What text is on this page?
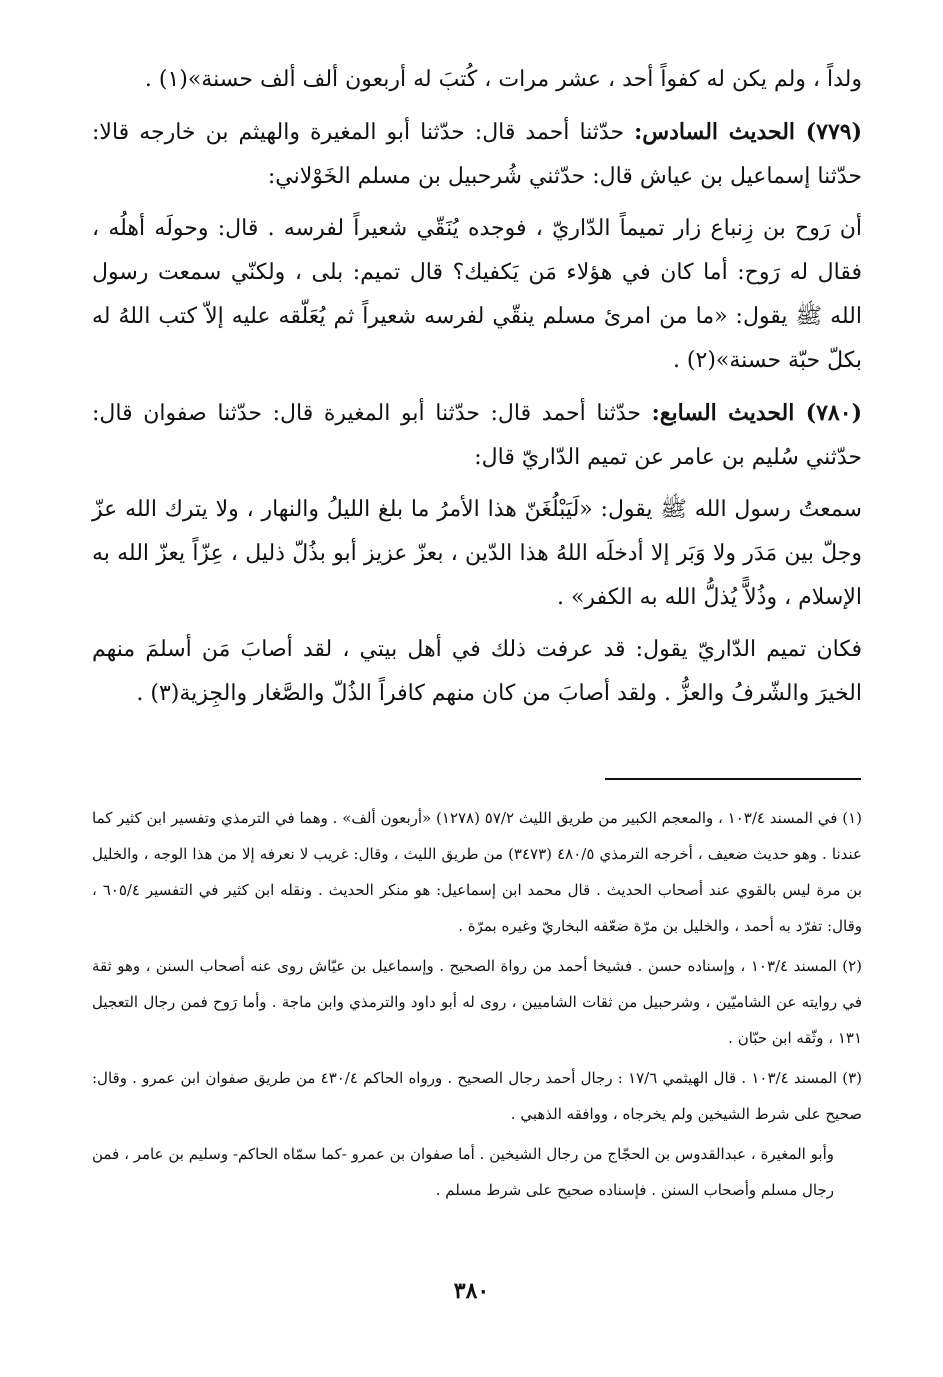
ولداً ، ولم يكن له كفواً أحد ، عشر مرات ، كُتبَ له أربعون ألف ألف حسنة»(١) .

(٧٧٩) الحديث السادس: حدّثنا أحمد قال: حدّثنا أبو المغيرة والهيثم بن خارجه قالا: حدّثنا إسماعيل بن عياش قال: حدّثني شُرحبيل بن مسلم الخَوْلاني:

أن رَوح بن زِنباع زار تميماً الدّاريّ ، فوجده يُنَقّي شعيراً لفرسه . قال: وحولَه أهلُه ، فقال له رَوح: أما كان في هؤلاء مَن يَكفيك؟ قال تميم: بلى ، ولكنّي سمعت رسول الله ﷺ يقول: «ما من امرئ مسلم ينقّي لفرسه شعيراً ثم يُعَلّقه عليه إلاّ كتب اللهُ له بكلّ حبّة حسنة»(٢) .

(٧٨٠) الحديث السابع: حدّثنا أحمد قال: حدّثنا أبو المغيرة قال: حدّثنا صفوان قال: حدّثني سُليم بن عامر عن تميم الدّاريّ قال:

سمعتُ رسول الله ﷺ يقول: «لَيَبْلُغَنّ هذا الأمرُ ما بلغ الليلُ والنهار ، ولا يترك الله عزّ وجلّ بين مَدَر ولا وَبَر إلا أدخلَه اللهُ هذا الدّين ، بعزّ عزيز أبو بذُلّ ذليل ، عِزّاً يعزّ الله به الإسلام ، وذُلاًّ يُذلُّ الله به الكفر» .

فكان تميم الدّاريّ يقول: قد عرفت ذلك في أهل بيتي ، لقد أصابَ مَن أسلمَ منهم الخيرَ والشّرفُ والعزُّ . ولقد أصابَ من كان منهم كافراً الذُلّ والصَّغار والجِزية(٣) .

(١) في المسند ١٠٣/٤ ، والمعجم الكبير من طريق الليث ٥٧/٢ (١٢٧٨) «أربعون ألف» . وهما في الترمذي وتفسير ابن كثير كما عندنا . وهو حديث ضعيف ، أخرجه الترمذي ٤٨٠/٥ (٣٤٧٣) من طريق الليث ، وقال: غريب لا نعرفه إلا من هذا الوجه ، والخليل بن مرة ليس بالقوي عند أصحاب الحديث . قال محمد ابن إسماعيل: هو منكر الحديث . ونقله ابن كثير في التفسير ٦٠٥/٤ ، وقال: تفرّد به أحمد ، والخليل بن مرّة ضعّفه البخاريّ وغيره بمرّة .

(٢) المسند ١٠٣/٤ ، وإسناده حسن . فشيخا أحمد من رواة الصحيح . وإسماعيل بن عيّاش روى عنه أصحاب السنن ، وهو ثقة في روايته عن الشاميّين ، وشرحبيل من ثقات الشاميين ، روى له أبو داود والترمذي وابن ماجة . وأما رَوح فمن رجال التعجيل ١٣١ ، وثّقه ابن حبّان .

(٣) المسند ١٠٣/٤ . قال الهيثمي ١٧/٦ : رجال أحمد رجال الصحيح . ورواه الحاكم ٤٣٠/٤ من طريق صفوان ابن عمرو . وقال: صحيح على شرط الشيخين ولم يخرجاه ، ووافقه الذهبي .

وأبو المغيرة ، عبدالقدوس بن الحجّاج من رجال الشيخين . أما صفوان بن عمرو -كما سمّاه الحاكم- وسليم بن عامر ، فمن رجال مسلم وأصحاب السنن . فإسناده صحيح على شرط مسلم .

٣٨٠
